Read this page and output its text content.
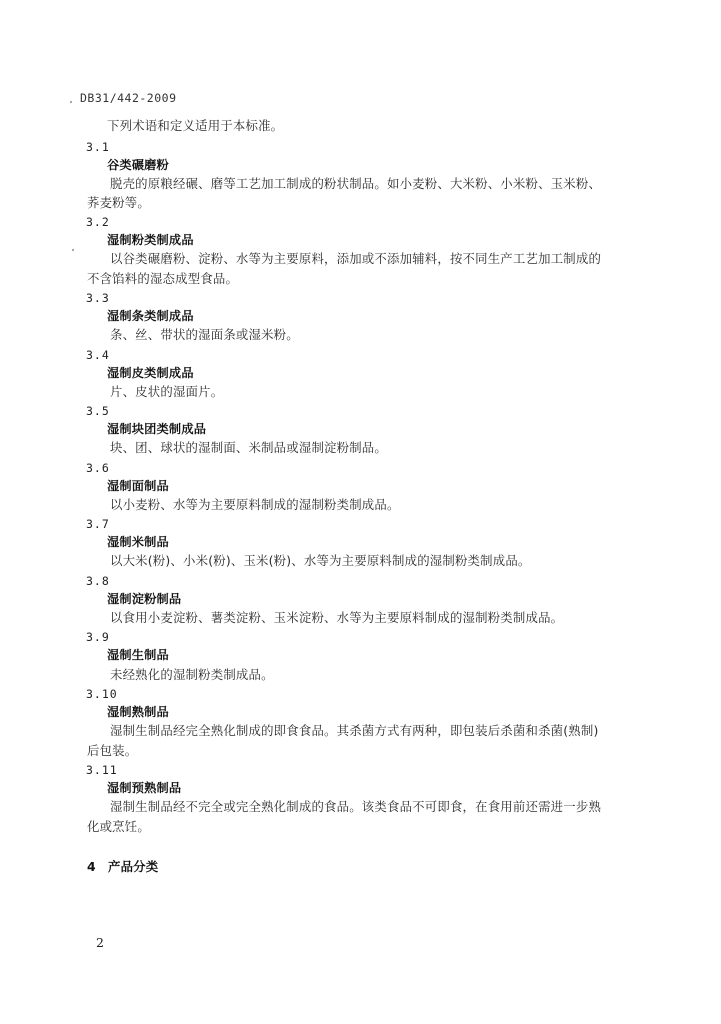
DB31/442-2009
下列术语和定义适用于本标准。
3.1
谷类碾磨粉
脱壳的原粮经碾、磨等工艺加工制成的粉状制品。如小麦粉、大米粉、小米粉、玉米粉、
荞麦粉等。
3.2
湿制粉类制成品
以谷类碾磨粉、淀粉、水等为主要原料，添加或不添加辅料，按不同生产工艺加工制成的
不含馅料的湿态成型食品。
3.3
湿制条类制成品
条、丝、带状的湿面条或湿米粉。
3.4
湿制皮类制成品
片、皮状的湿面片。
3.5
湿制块团类制成品
块、团、球状的湿制面、米制品或湿制淀粉制品。
3.6
湿制面制品
以小麦粉、水等为主要原料制成的湿制粉类制成品。
3.7
湿制米制品
以大米(粉)、小米(粉)、玉米(粉)、水等为主要原料制成的湿制粉类制成品。
3.8
湿制淀粉制品
以食用小麦淀粉、薯类淀粉、玉米淀粉、水等为主要原料制成的湿制粉类制成品。
3.9
湿制生制品
未经熟化的湿制粉类制成品。
3.10
湿制熟制品
湿制生制品经完全熟化制成的即食食品。其杀菌方式有两种，即包装后杀菌和杀菌(熟制)
后包装。
3.11
湿制预熟制品
湿制生制品经不完全或完全熟化制成的食品。该类食品不可即食，在食用前还需进一步熟
化或烹饪。
4 产品分类
2
